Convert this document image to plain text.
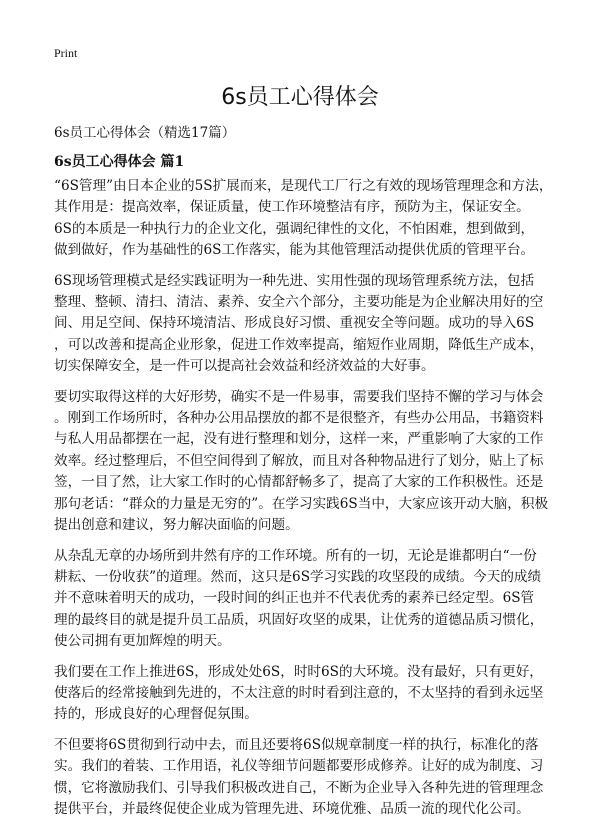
Print
6s员工心得体会
6s员工心得体会（精选17篇）
6s员工心得体会 篇1

“6S管理”由日本企业的5S扩展而来，是现代工厂行之有效的现场管理理念和方法，
其作用是：提高效率，保证质量，使工作环境整洁有序，预防为主，保证安全。
6S的本质是一种执行力的企业文化，强调纪律性的文化，不怕困难，想到做到，
做到做好，作为基础性的6S工作落实，能为其他管理活动提供优质的管理平台。

6S现场管理模式是经实践证明为一种先进、实用性强的现场管理系统方法，包括
整理、整顿、清扫、清洁、素养、安全六个部分，主要功能是为企业解决用好的空
间、用足空间、保持环境清洁、形成良好习惯、重视安全等问题。成功的导入6S
，可以改善和提高企业形象，促进工作效率提高，缩短作业周期，降低生产成本，
切实保障安全，是一件可以提高社会效益和经济效益的大好事。

要切实取得这样的大好形势，确实不是一件易事，需要我们坚持不懈的学习与体会
。刚到工作场所时，各种办公用品摆放的都不是很整齐，有些办公用品，书籍资料
与私人用品都摆在一起，没有进行整理和划分，这样一来，严重影响了大家的工作
效率。经过整理后，不但空间得到了解放，而且对各种物品进行了划分，贴上了标
签，一目了然，让大家工作时的心情都舒畅多了，提高了大家的工作积极性。还是
那句老话：“群众的力量是无穷的”。在学习实践6S当中，大家应该开动大脑，积极
提出创意和建议，努力解决面临的问题。

从杂乱无章的办场所到井然有序的工作环境。所有的一切，无论是谁都明白“一份
耕耘、一份收获”的道理。然而，这只是6S学习实践的攻坚段的成绩。今天的成绩
并不意味着明天的成功，一段时间的纠正也并不代表优秀的素养已经定型。6S管
理的最终目的就是提升员工品质，巩固好攻坚的成果，让优秀的道德品质习惯化，
使公司拥有更加辉煌的明天。

我们要在工作上推进6S，形成处处6S，时时6S的大环境。没有最好，只有更好，
使落后的经常接触到先进的，不太注意的时时看到注意的，不太坚持的看到永远坚
持的，形成良好的心理督促氛围。

不但要将6S贯彻到行动中去，而且还要将6S似规章制度一样的执行，标准化的落
实。我们的着装、工作用语，礼仪等细节问题都要形成修养。让好的成为制度、习
惯，它将激励我们、引导我们积极改进自己，不断为企业导入各种先进的管理理念
提供平台，并最终促使企业成为管理先进、环境优雅、品质一流的现代化公司。
